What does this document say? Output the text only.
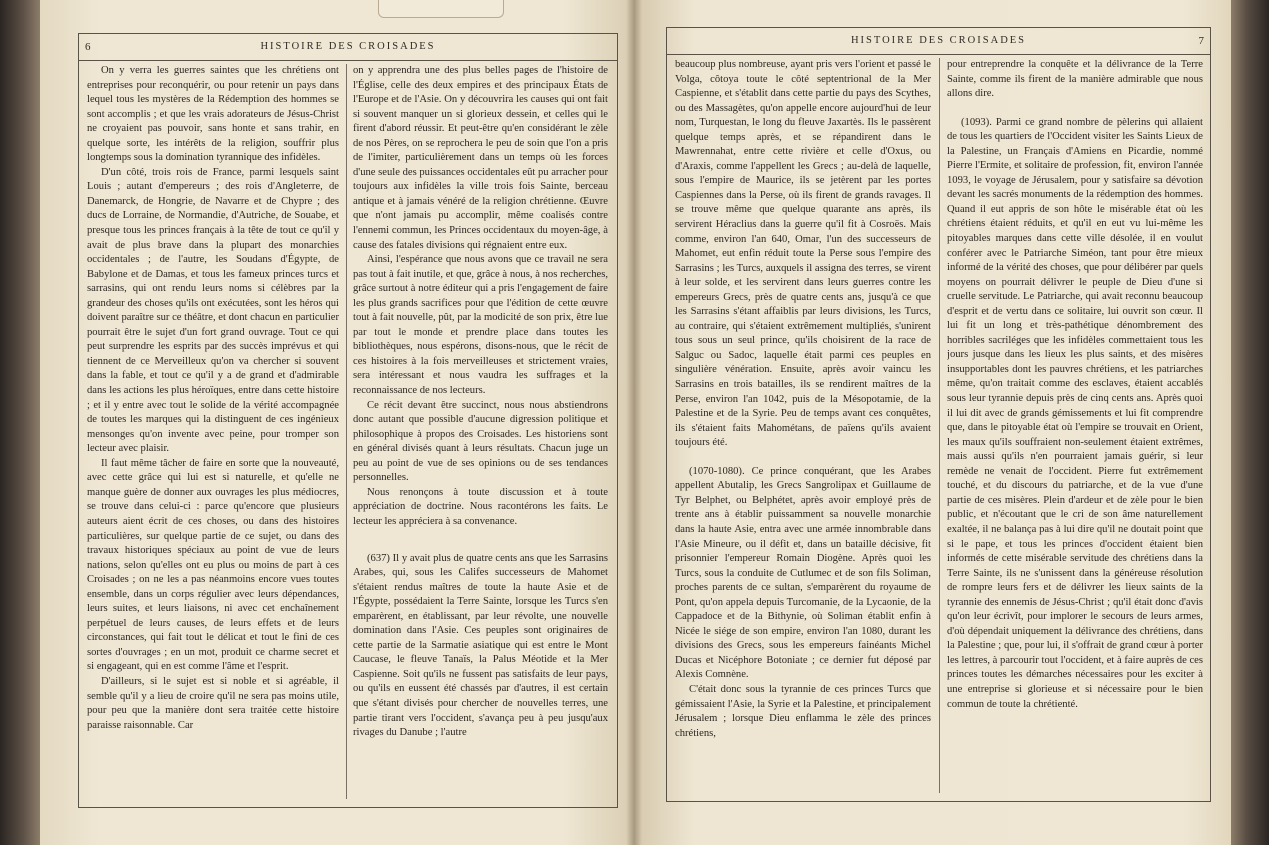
6	HISTOIRE DES CROISADES

On y verra les guerres saintes que les chrétiens ont entreprises pour reconquérir, ou pour retenir un pays dans lequel tous les mystères de la Rédemption des hommes se sont accomplis ; et que les vrais adorateurs de Jésus-Christ ne croyaient pas pouvoir, sans honte et sans trahir, en quelque sorte, les intérêts de la religion, souffrir plus longtemps sous la domination tyrannique des infidèles.

D'un côté, trois rois de France, parmi lesquels saint Louis ; autant d'empereurs ; des rois d'Angleterre, de Danemarck, de Hongrie, de Navarre et de Chypre ; des ducs de Lorraine, de Normandie, d'Autriche, de Souabe, et presque tous les princes français à la tête de tout ce qu'il y avait de plus brave dans la plupart des monarchies occidentales ; de l'autre, les Soudans d'Égypte, de Babylone et de Damas, et tous les fameux princes turcs et sarrasins, qui ont rendu leurs noms si célèbres par la grandeur des choses qu'ils ont exécutées, sont les héros qui doivent paraître sur ce théâtre, et dont chacun en particulier pourrait être le sujet d'un fort grand ouvrage. Tout ce qui peut surprendre les esprits par des succès imprévus et qui tiennent de ce Merveilleux qu'on va chercher si souvent dans la fable, et tout ce qu'il y a de grand et d'admirable dans les actions les plus héroïques, entre dans cette histoire ; et il y entre avec tout le solide de la vérité accompagnée de toutes les marques qui la distinguent de ces ingénieux mensonges qu'on invente avec peine, pour tromper son lecteur avec plaisir.

Il faut même tâcher de faire en sorte que la nouveauté, avec cette grâce qui lui est si naturelle, et qu'elle ne manque guère de donner aux ouvrages les plus médiocres, se trouve dans celui-ci : parce qu'encore que plusieurs auteurs aient écrit de ces choses, ou dans des histoires particulières, sur quelque partie de ce sujet, ou dans des travaux historiques spéciaux au point de vue de leurs nations, selon qu'elles ont eu plus ou moins de part à ces Croisades ; on ne les a pas néanmoins encore vues toutes ensemble, dans un corps régulier avec leurs dépendances, leurs suites, et leurs liaisons, ni avec cet enchaînement perpétuel de leurs causes, de leurs effets et de leurs circonstances, qui fait tout le délicat et tout le fini de ces sortes d'ouvrages ; en un mot, produit ce charme secret et si engageant, qui en est comme l'âme et l'esprit.

D'ailleurs, si le sujet est si noble et si agréable, il semble qu'il y a lieu de croire qu'il ne sera pas moins utile, pour peu que la manière dont sera traitée cette histoire paraisse raisonnable. Car

on y apprendra une des plus belles pages de l'histoire de l'Église, celle des deux empires et des principaux États de l'Europe et de l'Asie. On y découvrira les causes qui ont fait si souvent manquer un si glorieux dessein, et celles qui le firent d'abord réussir. Et peut-être qu'en considérant le zèle de nos Pères, on se reprochera le peu de soin que l'on a pris de l'imiter, particulièrement dans un temps où les forces d'une seule des puissances occidentales eût pu arracher pour toujours aux infidèles la ville trois fois Sainte, berceau antique et à jamais vénéré de la religion chrétienne. Œuvre que n'ont jamais pu accomplir, même coalisés contre l'ennemi commun, les Princes occidentaux du moyen-âge, à cause des fatales divisions qui régnaient entre eux.

Ainsi, l'espérance que nous avons que ce travail ne sera pas tout à fait inutile, et que, grâce à nous, à nos recherches, grâce surtout à notre éditeur qui a pris l'engagement de faire les plus grands sacrifices pour que l'édition de cette œuvre tout à fait nouvelle, pût, par la modicité de son prix, être lue par tout le monde et prendre place dans toutes les bibliothèques, nous espérons, disons-nous, que le récit de ces histoires à la fois merveilleuses et strictement vraies, sera intéressant et nous vaudra les suffrages et la reconnaissance de nos lecteurs.

Ce récit devant être succinct, nous nous abstiendrons donc autant que possible d'aucune digression politique et philosophique à propos des Croisades. Les historiens sont en général divisés quant à leurs résultats. Chacun juge un peu au point de vue de ses opinions ou de ses tendances personnelles.

Nous renonçons à toute discussion et à toute appréciation de doctrine. Nous racontérons les faits. Le lecteur les appréciera à sa convenance.

(637) Il y avait plus de quatre cents ans que les Sarrasins Arabes, qui, sous les Califes successeurs de Mahomet s'étaient rendus maîtres de toute la haute Asie et de l'Égypte, possédaient la Terre Sainte, lorsque les Turcs s'en emparèrent, en établissant, par leur révolte, une nouvelle domination dans l'Asie. Ces peuples sont originaires de cette partie de la Sarmatie asiatique qui est entre le Mont Caucase, le fleuve Tanaïs, la Palus Méotide et la Mer Caspienne. Soit qu'ils ne fussent pas satisfaits de leur pays, ou qu'ils en eussent été chassés par d'autres, il est certain que s'étant divisés pour chercher de nouvelles terres, une partie tirant vers l'occident, s'avança peu à peu jusqu'aux rivages du Danube ; l'autre

HISTOIRE DES CROISADES	7

beaucoup plus nombreuse, ayant pris vers l'orient et passé le Volga, côtoya toute le côté septentrional de la Mer Caspienne, et s'établit dans cette partie du pays des Scythes, ou des Massagètes, qu'on appelle encore aujourd'hui de leur nom, Turquestan, le long du fleuve Jaxartès. Ils le passèrent quelque temps après, et se répandirent dans le Mawrennahat, entre cette rivière et celle d'Oxus, ou d'Araxis, comme l'appellent les Grecs ; au-delà de laquelle, sous l'empire de Maurice, ils se jetèrent par les portes Caspiennes dans la Perse, où ils firent de grands ravages. Il se trouve même que quelque quarante ans après, ils servirent Héraclius dans la guerre qu'il fit à Cosroës. Mais comme, environ l'an 640, Omar, l'un des successeurs de Mahomet, eut enfin réduit toute la Perse sous l'empire des Sarrasins ; les Turcs, auxquels il assigna des terres, se virent à leur solde, et les servirent dans leurs guerres contre les empereurs Grecs, près de quatre cents ans, jusqu'à ce que les Sarrasins s'étant affaiblis par leurs divisions, les Turcs, au contraire, qui s'étaient extrêmement multipliés, s'unirent tous sous un seul prince, qu'ils choisirent de la race de Salguc ou Sadoc, laquelle était parmi ces peuples en singulière vénération. Ensuite, après avoir vaincu les Sarrasins en trois batailles, ils se rendirent maîtres de la Perse, environ l'an 1042, puis de la Mésopotamie, de la Palestine et de la Syrie. Peu de temps avant ces conquêtes, ils s'étaient faits Mahométans, de païens qu'ils avaient toujours été.

(1070-1080). Ce prince conquérant, que les Arabes appellent Abutalip, les Grecs Sangrolipax et Guillaume de Tyr Belphet, ou Belphétet, après avoir employé près de trente ans à établir puissamment sa nouvelle monarchie dans la haute Asie, entra avec une armée innombrable dans l'Asie Mineure, ou il défit et, dans un bataille décisive, fit prisonnier l'empereur Romain Diogène. Après quoi les Turcs, sous la conduite de Cutlumec et de son fils Soliman, proches parents de ce sultan, s'emparèrent du royaume de Pont, qu'on appela depuis Turcomanie, de la Lycaonie, de la Cappadoce et de la Bithynie, où Soliman établit enfin à Nicée le siége de son empire, environ l'an 1080, durant les divisions des Grecs, sous les empereurs fainéants Michel Ducas et Nicéphore Botoniate ; ce dernier fut déposé par Alexis Comnène.

C'était donc sous la tyrannie de ces princes Turcs que gémissaient l'Asie, la Syrie et la Palestine, et principalement Jérusalem ; lorsque Dieu enflamma le zèle des princes chrétiens,

pour entreprendre la conquête et la délivrance de la Terre Sainte, comme ils firent de la manière admirable que nous allons dire.

(1093). Parmi ce grand nombre de pèlerins qui allaient de tous les quartiers de l'Occident visiter les Saints Lieux de la Palestine, un Français d'Amiens en Picardie, nommé Pierre l'Ermite, et solitaire de profession, fit, environ l'année 1093, le voyage de Jérusalem, pour y satisfaire sa dévotion devant les sacrés monuments de la rédemption des hommes. Quand il eut appris de son hôte le misérable état où les chrétiens étaient réduits, et qu'il en eut vu lui-même les pitoyables marques dans cette ville désolée, il en voulut conférer avec le Patriarche Siméon, tant pour être mieux informé de la vérité des choses, que pour délibérer par quels moyens on pourrait délivrer le peuple de Dieu d'une si cruelle servitude. Le Patriarche, qui avait reconnu beaucoup d'esprit et de vertu dans ce solitaire, lui ouvrit son cœur. Il lui fit un long et très-pathétique dénombrement des horribles sacriléges que les infidèles commettaient tous les jours jusque dans les lieux les plus saints, et des misères insupportables dont les pauvres chrétiens, et les patriarches même, qu'on traitait comme des esclaves, étaient accablés sous leur tyrannie depuis près de cinq cents ans. Après quoi il lui dit avec de grands gémissements et lui fit comprendre que, dans le pitoyable état où l'empire se trouvait en Orient, les maux qu'ils souffraient non-seulement étaient extrêmes, mais aussi qu'ils n'en pourraient jamais guérir, si leur remède ne venait de l'occident. Pierre fut extrêmement touché, et du discours du patriarche, et de la vue d'une partie de ces misères. Plein d'ardeur et de zèle pour le bien public, et n'écoutant que le cri de son âme naturellement exaltée, il ne balança pas à lui dire qu'il ne doutait point que si le pape, et tous les princes d'occident étaient bien informés de cette misérable servitude des chrétiens dans la Terre Sainte, ils ne s'unissent dans la généreuse résolution de rompre leurs fers et de délivrer les lieux saints de la tyrannie des ennemis de Jésus-Christ ; qu'il était donc d'avis qu'on leur écrivît, pour implorer le secours de leurs armes, d'où dépendait uniquement la délivrance des chrétiens, dans la Palestine ; que, pour lui, il s'offrait de grand cœur à porter les lettres, à parcourir tout l'occident, et à faire auprès de ces princes toutes les démarches nécessaires pour les exciter à une entreprise si glorieuse et si nécessaire pour le bien commun de toute la chrétienté.
